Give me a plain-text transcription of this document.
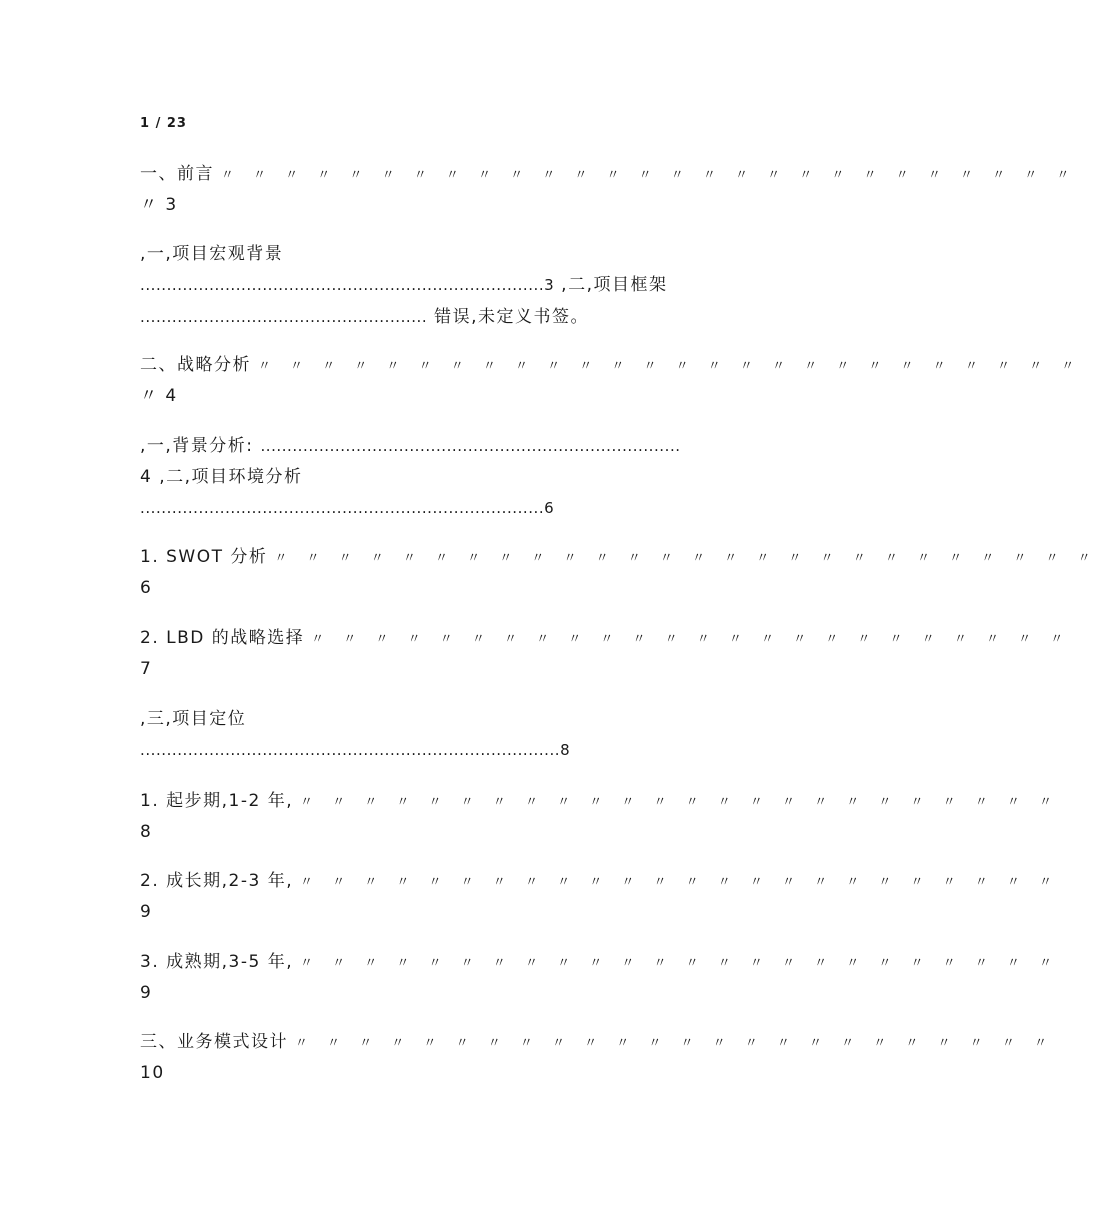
1 / 23
一、前言 〃 〃 〃 〃 〃 〃 〃 〃 〃 〃 〃 〃 〃 〃 〃 〃 〃 〃 〃 〃 〃 〃 〃 〃 〃 〃 〃
〃 3
,一,项目宏观背景
............................................................................3 ,二,项目框架
...................................................... 错误,未定义书签。
二、战略分析 〃 〃 〃 〃 〃 〃 〃 〃 〃 〃 〃 〃 〃 〃 〃 〃 〃 〃 〃 〃 〃 〃 〃 〃 〃 〃
〃 4
,一,背景分析: ...............................................................................
4 ,二,项目环境分析
............................................................................6
1. SWOT 分析 〃 〃 〃 〃 〃 〃 〃 〃 〃 〃 〃 〃 〃 〃 〃 〃 〃 〃 〃 〃 〃 〃 〃 〃 〃 〃
6
2. LBD 的战略选择 〃 〃 〃 〃 〃 〃 〃 〃 〃 〃 〃 〃 〃 〃 〃 〃 〃 〃 〃 〃 〃 〃 〃 〃
7
,三,项目定位
...............................................................................8
1. 起步期,1-2 年, 〃 〃 〃 〃 〃 〃 〃 〃 〃 〃 〃 〃 〃 〃 〃 〃 〃 〃 〃 〃 〃 〃 〃 〃
8
2. 成长期,2-3 年, 〃 〃 〃 〃 〃 〃 〃 〃 〃 〃 〃 〃 〃 〃 〃 〃 〃 〃 〃 〃 〃 〃 〃 〃
9
3. 成熟期,3-5 年, 〃 〃 〃 〃 〃 〃 〃 〃 〃 〃 〃 〃 〃 〃 〃 〃 〃 〃 〃 〃 〃 〃 〃 〃
9
三、业务模式设计 〃 〃 〃 〃 〃 〃 〃 〃 〃 〃 〃 〃 〃 〃 〃 〃 〃 〃 〃 〃 〃 〃 〃 〃
10
